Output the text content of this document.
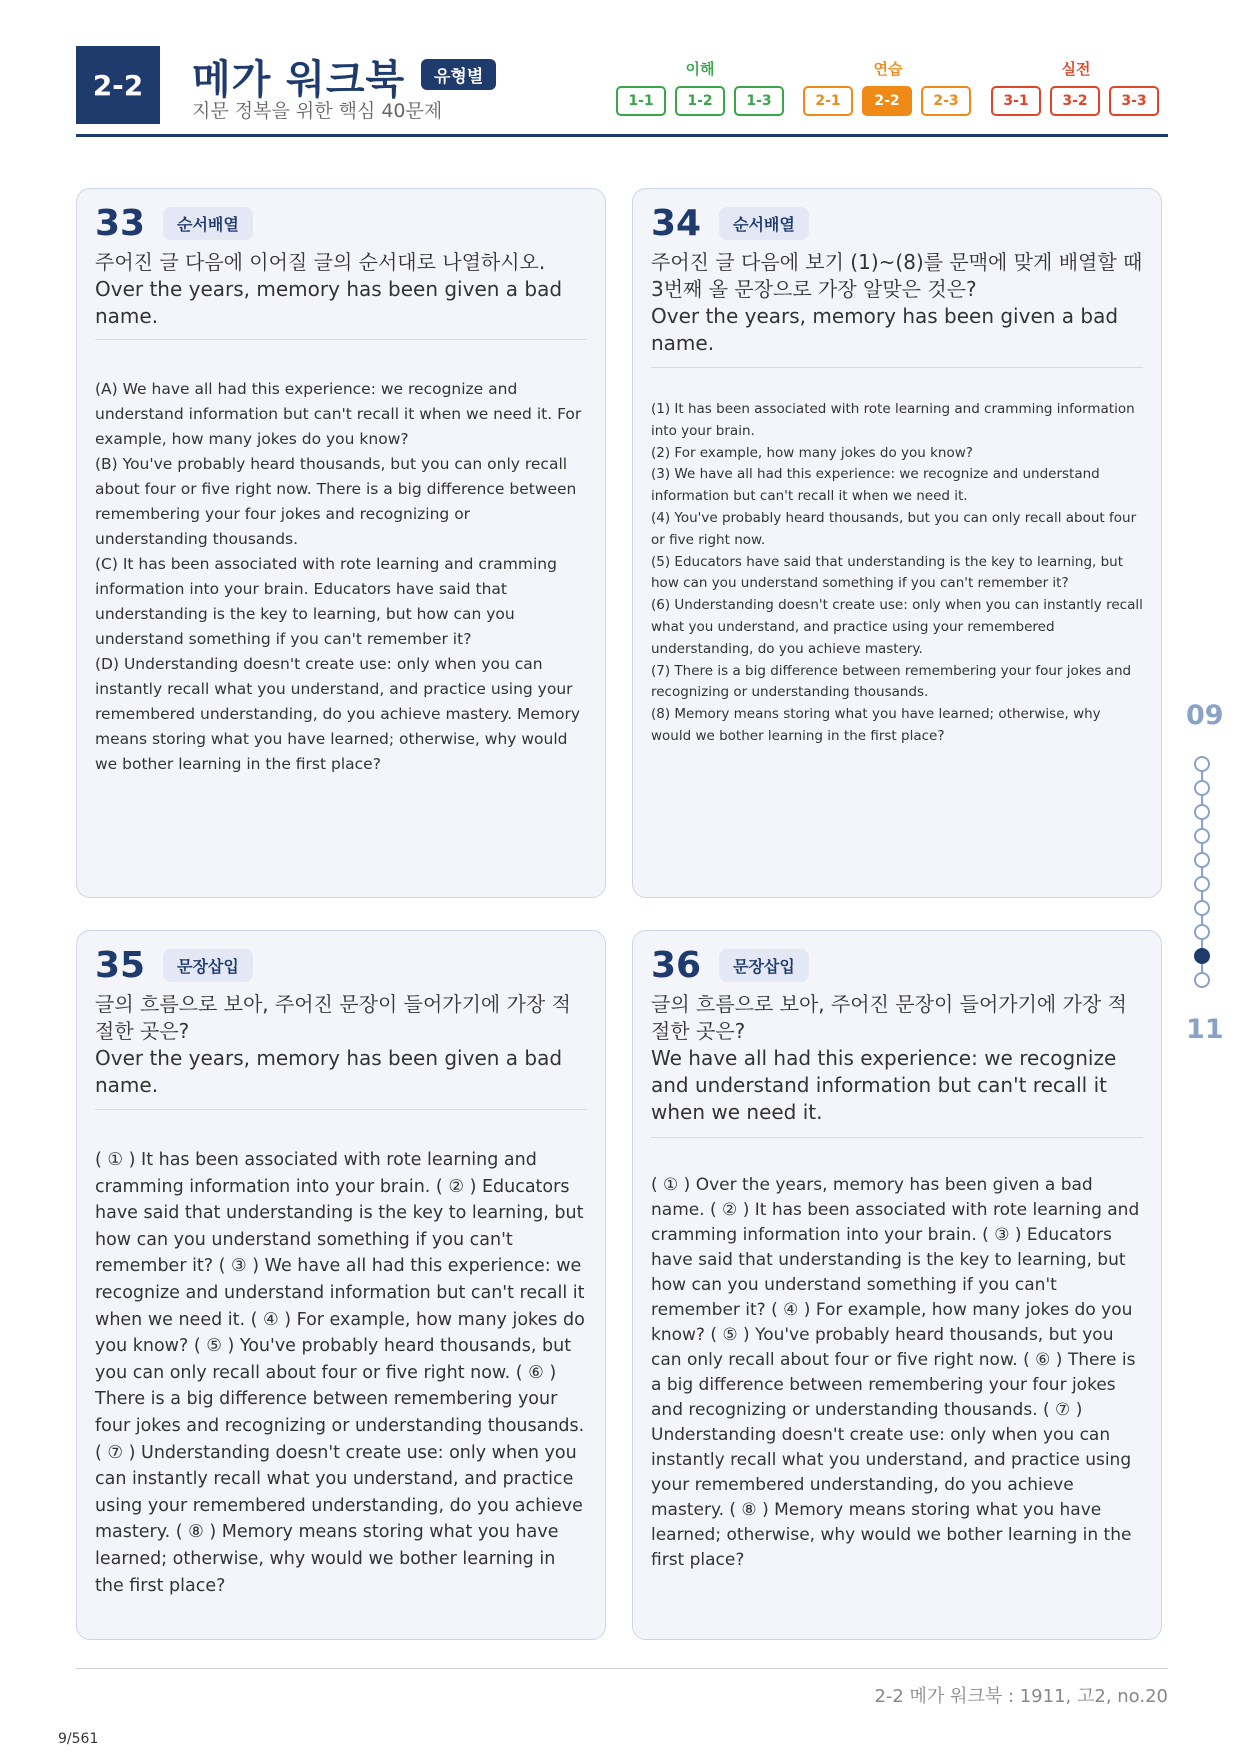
2-2	메가 워크북	유형별
지문 정복을 위한 핵심 40문제
이해	연습	실전
1-1	1-2	1-3	2-1	2-2	2-3	3-1	3-2	3-3
33	순서배열
주어진 글 다음에 이어질 글의 순서대로 나열하시오.
Over the years, memory has been given a bad name.

(A) We have all had this experience: we recognize and understand information but can't recall it when we need it. For example, how many jokes do you know?

(B) You've probably heard thousands, but you can only recall about four or five right now. There is a big difference between remembering your four jokes and recognizing or understanding thousands.

(C) It has been associated with rote learning and cramming information into your brain. Educators have said that understanding is the key to learning, but how can you understand something if you can't remember it?

(D) Understanding doesn't create use: only when you can instantly recall what you understand, and practice using your remembered understanding, do you achieve mastery. Memory means storing what you have learned; otherwise, why would we bother learning in the first place?

34	순서배열
주어진 글 다음에 보기 (1)~(8)를 문맥에 맞게 배열할 때 3번째 올 문장으로 가장 알맞은 것은?
Over the years, memory has been given a bad name.

(1) It has been associated with rote learning and cramming information into your brain.

(2) For example, how many jokes do you know?

(3) We have all had this experience: we recognize and understand information but can't recall it when we need it.

(4) You've probably heard thousands, but you can only recall about four or five right now.

(5) Educators have said that understanding is the key to learning, but how can you understand something if you can't remember it?

(6) Understanding doesn't create use: only when you can instantly recall what you understand, and practice using your remembered understanding, do you achieve mastery.

(7) There is a big difference between remembering your four jokes and recognizing or understanding thousands.

(8) Memory means storing what you have learned; otherwise, why would we bother learning in the first place?

35	문장삽입
글의 흐름으로 보아, 주어진 문장이 들어가기에 가장 적절한 곳은?
Over the years, memory has been given a bad name.

( ① ) It has been associated with rote learning and cramming information into your brain. ( ② ) Educators have said that understanding is the key to learning, but how can you understand something if you can't remember it? ( ③ ) We have all had this experience: we recognize and understand information but can't recall it when we need it. ( ④ ) For example, how many jokes do you know? ( ⑤ ) You've probably heard thousands, but you can only recall about four or five right now. ( ⑥ ) There is a big difference between remembering your four jokes and recognizing or understanding thousands. ( ⑦ ) Understanding doesn't create use: only when you can instantly recall what you understand, and practice using your remembered understanding, do you achieve mastery. ( ⑧ ) Memory means storing what you have learned; otherwise, why would we bother learning in the first place?

36	문장삽입
글의 흐름으로 보아, 주어진 문장이 들어가기에 가장 적절한 곳은?
We have all had this experience: we recognize and understand information but can't recall it when we need it.

( ① ) Over the years, memory has been given a bad name. ( ② ) It has been associated with rote learning and cramming information into your brain. ( ③ ) Educators have said that understanding is the key to learning, but how can you understand something if you can't remember it? ( ④ ) For example, how many jokes do you know? ( ⑤ ) You've probably heard thousands, but you can only recall about four or five right now. ( ⑥ ) There is a big difference between remembering your four jokes and recognizing or understanding thousands. ( ⑦ ) Understanding doesn't create use: only when you can instantly recall what you understand, and practice using your remembered understanding, do you achieve mastery. ( ⑧ ) Memory means storing what you have learned; otherwise, why would we bother learning in the first place?

09
11
2-2 메가 워크북 : 1911, 고2, no.20
9/561
